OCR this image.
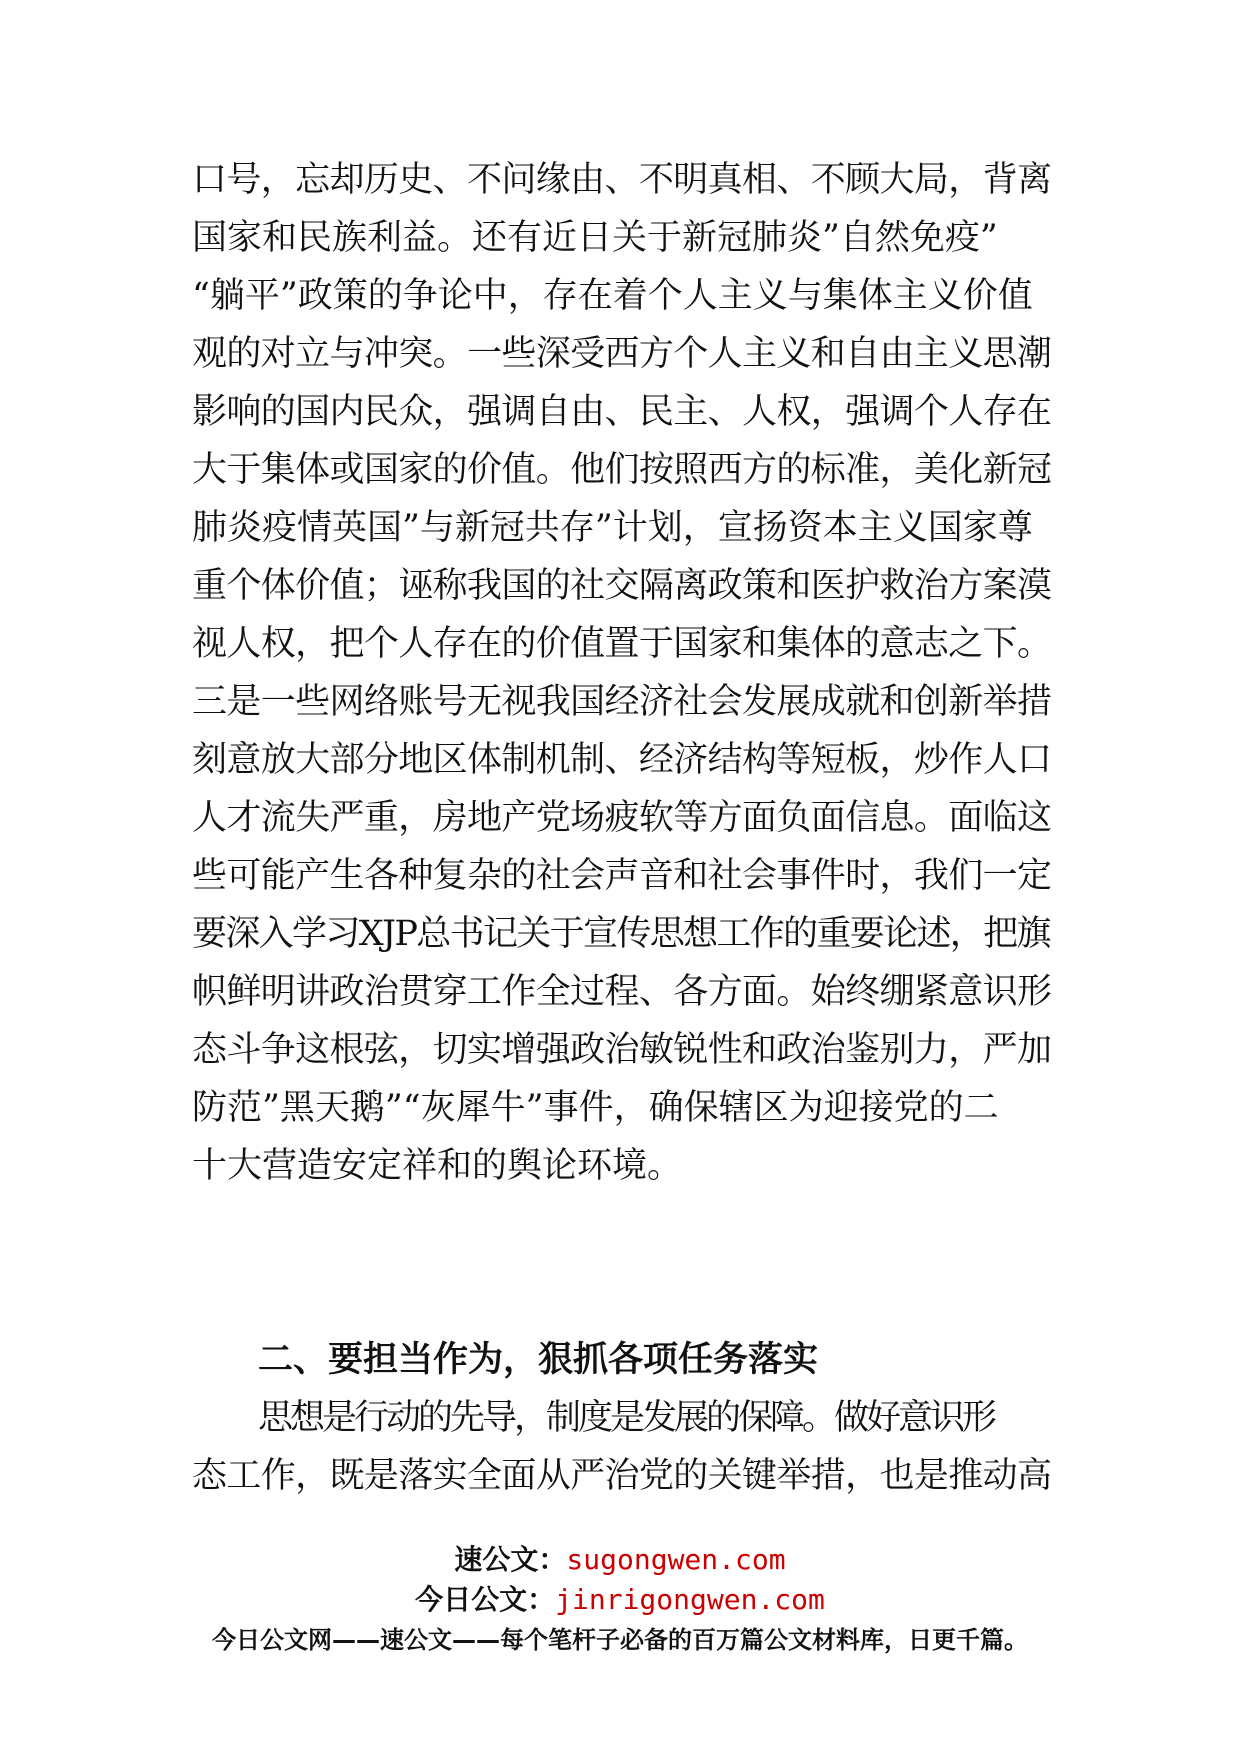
口号，忘却历史、不问缘由、不明真相、不顾大局，背离
国家和民族利益。还有近日关于新冠肺炎”自然免疫”
“躺平”政策的争论中，存在着个人主义与集体主义价值
观的对立与冲突。一些深受西方个人主义和自由主义思潮
影响的国内民众，强调自由、民主、人权，强调个人存在
大于集体或国家的价值。他们按照西方的标准，美化新冠
肺炎疫情英国”与新冠共存”计划，宣扬资本主义国家尊
重个体价值；诬称我国的社交隔离政策和医护救治方案漠
视人权，把个人存在的价值置于国家和集体的意志之下。
三是一些网络账号无视我国经济社会发展成就和创新举措
刻意放大部分地区体制机制、经济结构等短板，炒作人口
人才流失严重，房地产党场疲软等方面负面信息。面临这
些可能产生各种复杂的社会声音和社会事件时，我们一定
要深入学习XJP总书记关于宣传思想工作的重要论述，把旗
帜鲜明讲政治贯穿工作全过程、各方面。始终绷紧意识形
态斗争这根弦，切实增强政治敏锐性和政治鉴别力，严加
防范”黑天鹅”“灰犀牛”事件，确保辖区为迎接党的二
十大营造安定祥和的舆论环境。
二、要担当作为，狠抓各项任务落实
思想是行动的先导，制度是发展的保障。做好意识形
态工作，既是落实全面从严治党的关键举措，也是推动高
速公文：sugongwen.com
今日公文：jinrigongwen.com
今日公文网——速公文——每个笔杆子必备的百万篇公文材料库，日更千篇。
